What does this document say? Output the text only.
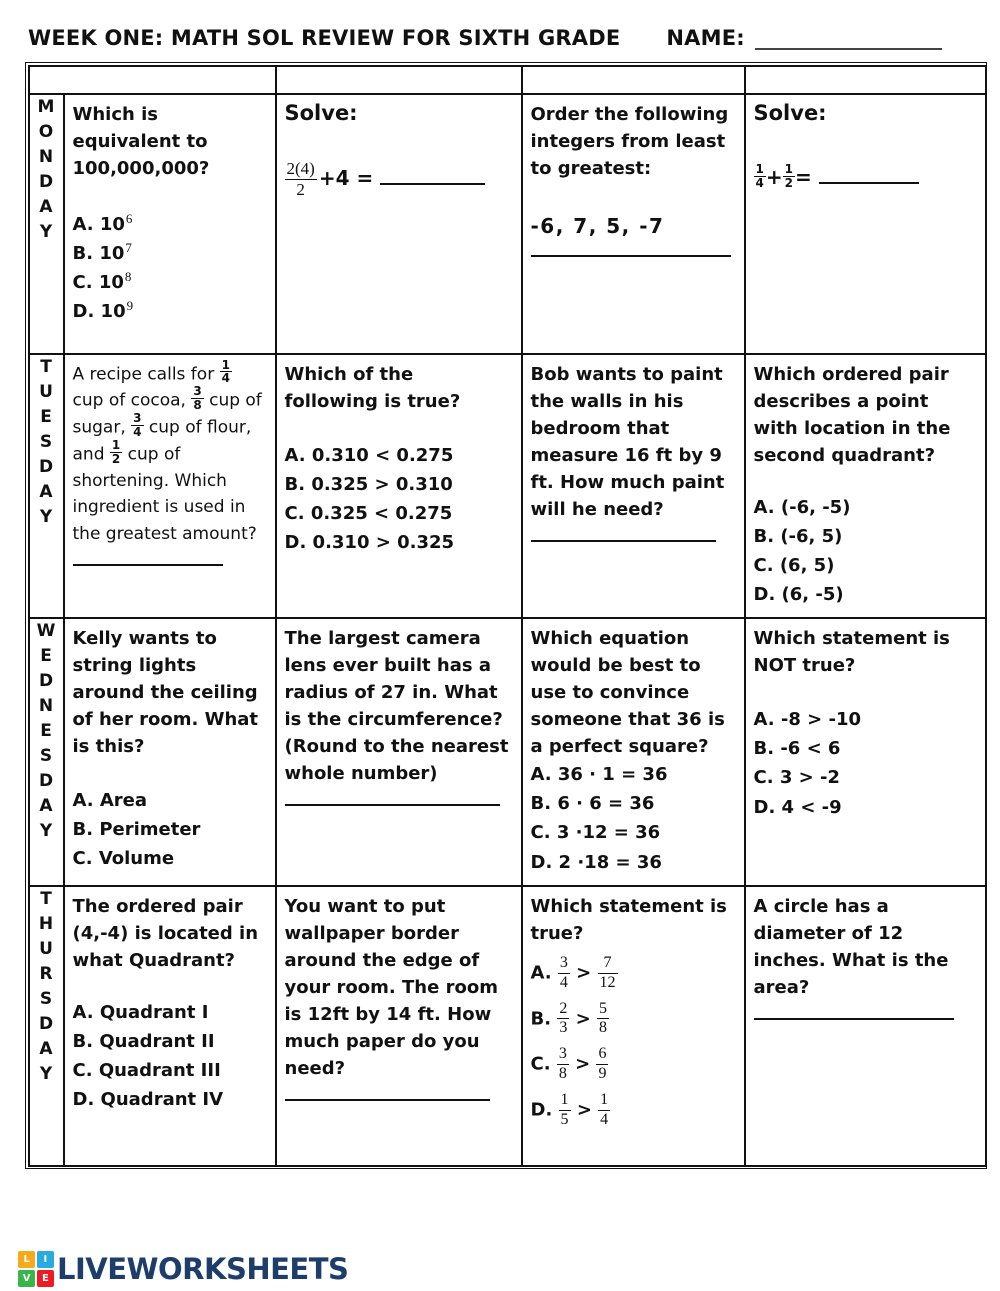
WEEK ONE: MATH SOL REVIEW FOR SIXTH GRADE NAME:

M
O
N
D
A
Y

Which is equivalent to 100,000,000?
A. $10^6$
B. $10^7$
C. $10^8$
D. $10^9$

Solve:
$\frac{2(4)}{2} +4$ =

Order the following integers from least to greatest:
-6, 7, 5, -7

Solve:
$\frac{1}{4} + \frac{1}{2}$ =

T
U
E
S
D
A
Y

A recipe calls for $\frac{1}{4}$
cup of cocoa, $\frac{3}{8}$ cup of sugar, $\frac{3}{4}$ cup of flour, and $\frac{1}{2}$ cup of shortening. Which ingredient is used in the greatest amount?

Which of the following is true?
A. 0.310 < 0.275
B. 0.325 > 0.310
C. 0.325 < 0.275
D. 0.310 > 0.325

Bob wants to paint the walls in his bedroom that measure 16 ft by 9 ft. How much paint will he need?

Which ordered pair describes a point with location in the second quadrant?
A. (-6, -5)
B. (-6, 5)
C. (6, 5)
D. (6, -5)

W
E
D
N
E
S
D
A
Y

Kelly wants to string lights around the ceiling of her room. What is this?
A. Area
B. Perimeter
C. Volume

The largest camera lens ever built has a radius of 27 in. What is the circumference? (Round to the nearest whole number)

Which equation would be best to use to convince someone that 36 is a perfect square?
A. 36 · 1 = 36
B. 6 · 6 = 36
C. 3 ·12 = 36
D. 2 ·18 = 36

Which statement is NOT true?
A. -8 > -10
B. -6 < 6
C. 3 > -2
D. 4 < -9

T
H
U
R
S
D
A
Y

The ordered pair (4,-4) is located in what Quadrant?
A. Quadrant I
B. Quadrant II
C. Quadrant III
D. Quadrant IV

You want to put wallpaper border around the edge of your room. The room is 12ft by 14 ft. How much paper do you need?

Which statement is true?
A. $\frac{3}{4} > \frac{7}{12}$
B. $\frac{2}{3} > \frac{5}{8}$
C. $\frac{3}{8} > \frac{6}{9}$
D. $\frac{1}{5} > \frac{1}{4}$

A circle has a diameter of 12 inches. What is the area?
L	I
V	E LIVEWORKSHEETS
